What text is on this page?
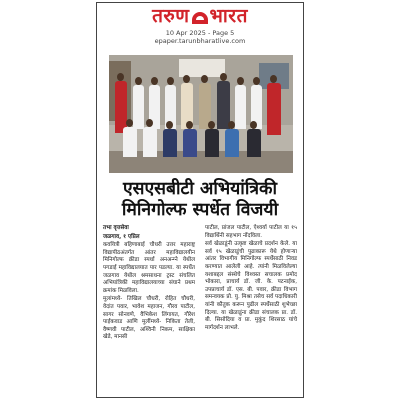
तरुण भारत
10 Apr 2025 - Page 5
epaper.tarunbharatlive.com
एसएसबीटी अभियांत्रिकी
मिनिगोल्फ स्पर्धेत विजयी

तभा वृत्तसेवा

जळगाव, १ एप्रिल

कवयित्री बहिणाबाई चौधरी उत्तर महाराष्ट्र विद्यापीठअंतर्गत आंतर महाविद्यालयीन मिनिगोल्फ क्रीडा स्पर्धा अनअन्ग्ने येथील पगडाई महाविद्यालयात पार पडल्या. या स्पर्धेत जळगाव येथील श्रमसाधना ट्रस्ट संचलित अभियांत्रिकी महाविद्यालयाच्या संघाने प्रथम क्रमांक मिळविला.

मुलांमध्ये- तिखिल चौधरी, रोहित चौधरी, वेदांत पवार, भावेश महाजन, गौरव पाटील, सागर सोनवणे, वैभिकेश लिंगायत, गौरेश पाईकवाड आणि मुलींमध्ये- निकिता तेली, वैष्णवी पाटील, अश्विनी निकम, साक्षिका खेडे, मानसी

पाटील, प्रांजल पाटील, ऐश्वर्या पाटील या १५ विद्यार्थिनी सहभाग नोंदविला.

सर्व खेळाडूंनी उत्कृष्ट खेळाचे प्रदर्शन केले. या सर्व १५ खेळाडूंची पुढाकारू येथे होणाऱ्या आंतर विभागीय मिनिगोल्फ स्पर्धेसाठी निवड करण्यात आलेली आहे. त्यांनी मिळविलेल्या यशाबद्दल संस्थेचे विश्वस्त सचालक प्रमोद भोकारा, प्राचार्य डॉ. जी. के. पटनाईक, उपप्राचार्य डॉ. एस. बी. पवार, क्रीडा विभाग समन्वयक प्रो. यु. मिश्रा तसेच सर्व पदाधिकारी यांनी कौतुक करून पुढील स्पर्धेसाठी शुभेच्छा दिल्या. या खेळाडूंना क्रीडा संचालक प्रा. डॉ. बी. सिसोदिया व प्रा. मुकुंद शिरसाठ यांचे मार्गदर्शन लाभले.
